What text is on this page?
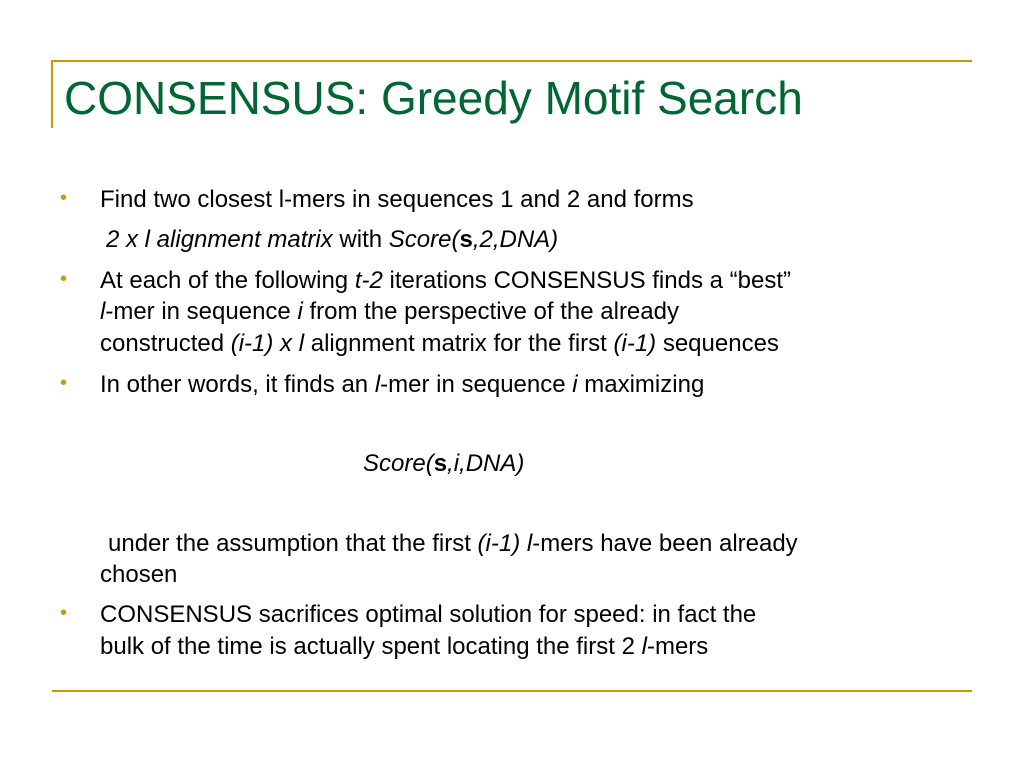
CONSENSUS: Greedy Motif Search
• Find two closest l-mers in sequences 1 and 2 and forms
2 x l alignment matrix with Score(s,2,DNA)
• At each of the following t-2 iterations CONSENSUS finds a “best”
l-mer in sequence i from the perspective of the already
constructed (i-1) x l alignment matrix for the first (i-1) sequences
• In other words, it finds an l-mer in sequence i maximizing
Score(s,i,DNA)
under the assumption that the first (i-1) l-mers have been already
chosen
• CONSENSUS sacrifices optimal solution for speed: in fact the
bulk of the time is actually spent locating the first 2 l-mers
